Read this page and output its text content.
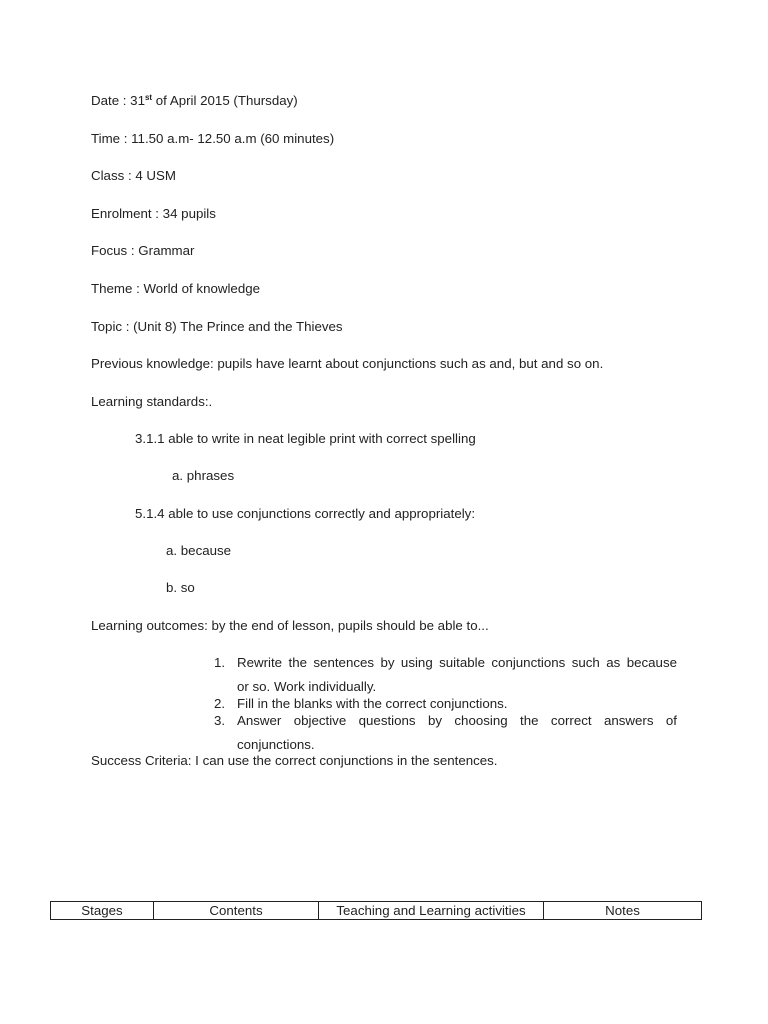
Date : 31st of April 2015 (Thursday)
Time : 11.50 a.m- 12.50 a.m (60 minutes)
Class : 4 USM
Enrolment : 34 pupils
Focus : Grammar
Theme : World of knowledge
Topic : (Unit 8) The Prince and the Thieves
Previous knowledge: pupils have learnt about conjunctions such as and, but and so on.
Learning standards:.
3.1.1 able to write in neat legible print with correct spelling
a. phrases
5.1.4 able to use conjunctions correctly and appropriately:
a. because
b. so
Learning outcomes: by the end of lesson, pupils should be able to...
1. Rewrite the sentences by using suitable conjunctions such as because
or so. Work individually.
2. Fill in the blanks with the correct conjunctions.
3. Answer objective questions by choosing the correct answers of
conjunctions.
Success Criteria: I can use the correct conjunctions in the sentences.
Stages	Contents	Teaching and Learning activities	Notes
